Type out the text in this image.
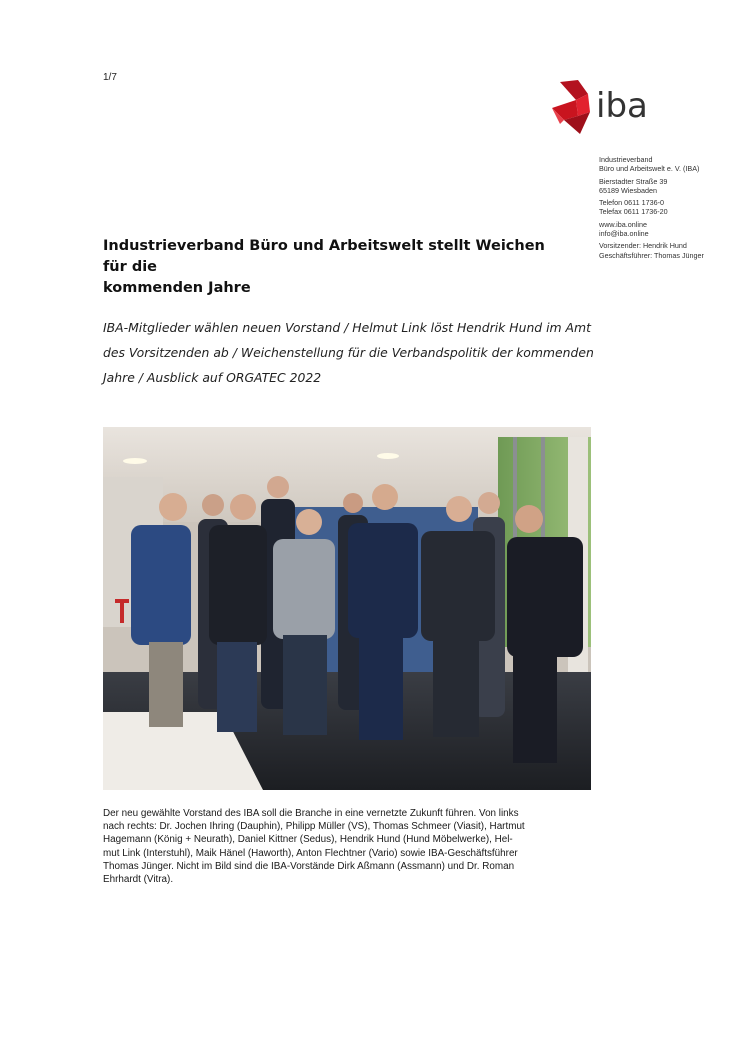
1/7
iba
Industrieverband
Büro und Arbeitswelt e. V. (IBA)
Bierstadter Straße 39
65189 Wiesbaden
Telefon 0611 1736-0
Telefax 0611 1736-20
www.iba.online
info@iba.online
Vorsitzender: Hendrik Hund
Geschäftsführer: Thomas Jünger
Industrieverband Büro und Arbeitswelt stellt Weichen für die
kommenden Jahre
IBA-Mitglieder wählen neuen Vorstand / Helmut Link löst Hendrik Hund im Amt
des Vorsitzenden ab / Weichenstellung für die Verbandspolitik der kommenden
Jahre / Ausblick auf ORGATEC 2022
Der neu gewählte Vorstand des IBA soll die Branche in eine vernetzte Zukunft führen. Von links
nach rechts: Dr. Jochen Ihring (Dauphin), Philipp Müller (VS), Thomas Schmeer (Viasit), Hartmut
Hagemann (König + Neurath), Daniel Kittner (Sedus), Hendrik Hund (Hund Möbelwerke), Hel-
mut Link (Interstuhl), Maik Hänel (Haworth), Anton Flechtner (Vario) sowie IBA-Geschäftsführer
Thomas Jünger. Nicht im Bild sind die IBA-Vorstände Dirk Aßmann (Assmann) und Dr. Roman
Ehrhardt (Vitra).
